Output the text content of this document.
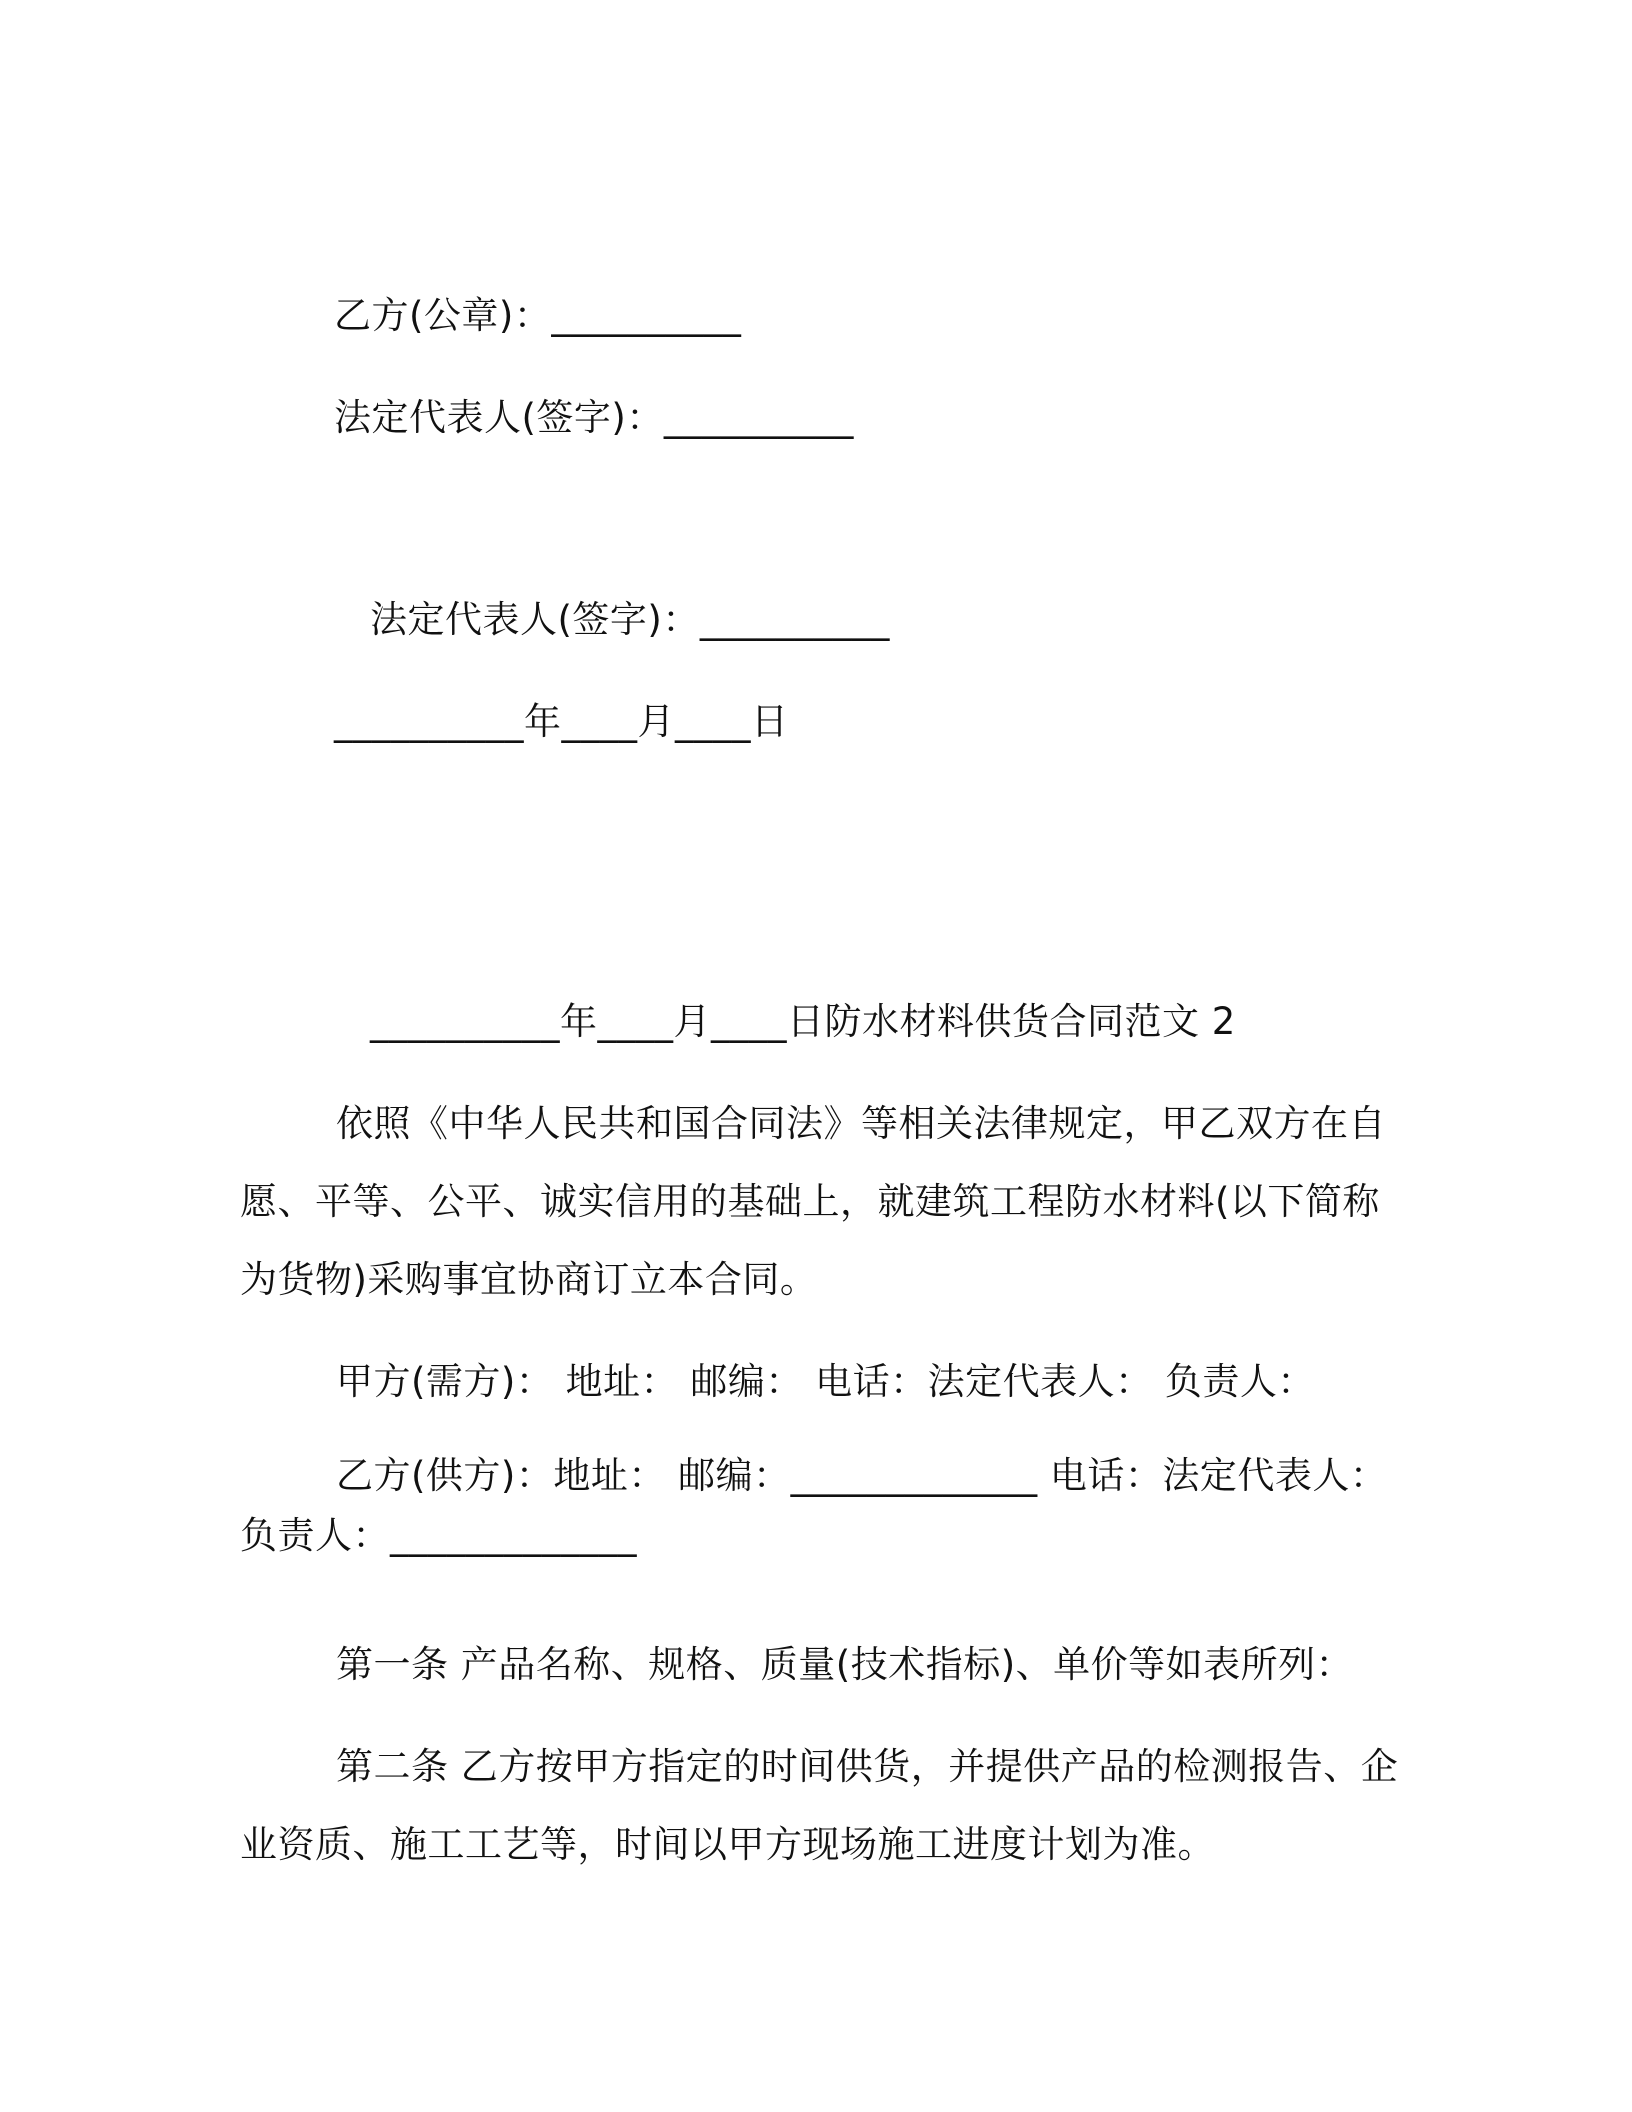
乙方(公章)：__________
法定代表人(签字)：__________
法定代表人(签字)：__________
__________年____月____日
__________年____月____日防水材料供货合同范文 2
依照《中华人民共和国合同法》等相关法律规定，甲乙双方在自愿、平等、公平、诚实信用的基础上，就建筑工程防水材料(以下简称为货物)采购事宜协商订立本合同。
甲方(需方)： 地址： 邮编： 电话：法定代表人： 负责人：
乙方(供方)：地址： 邮编：_____________ 电话：法定代表人：负责人：_____________
第一条 产品名称、规格、质量(技术指标)、单价等如表所列：
第二条 乙方按甲方指定的时间供货，并提供产品的检测报告、企业资质、施工工艺等，时间以甲方现场施工进度计划为准。
